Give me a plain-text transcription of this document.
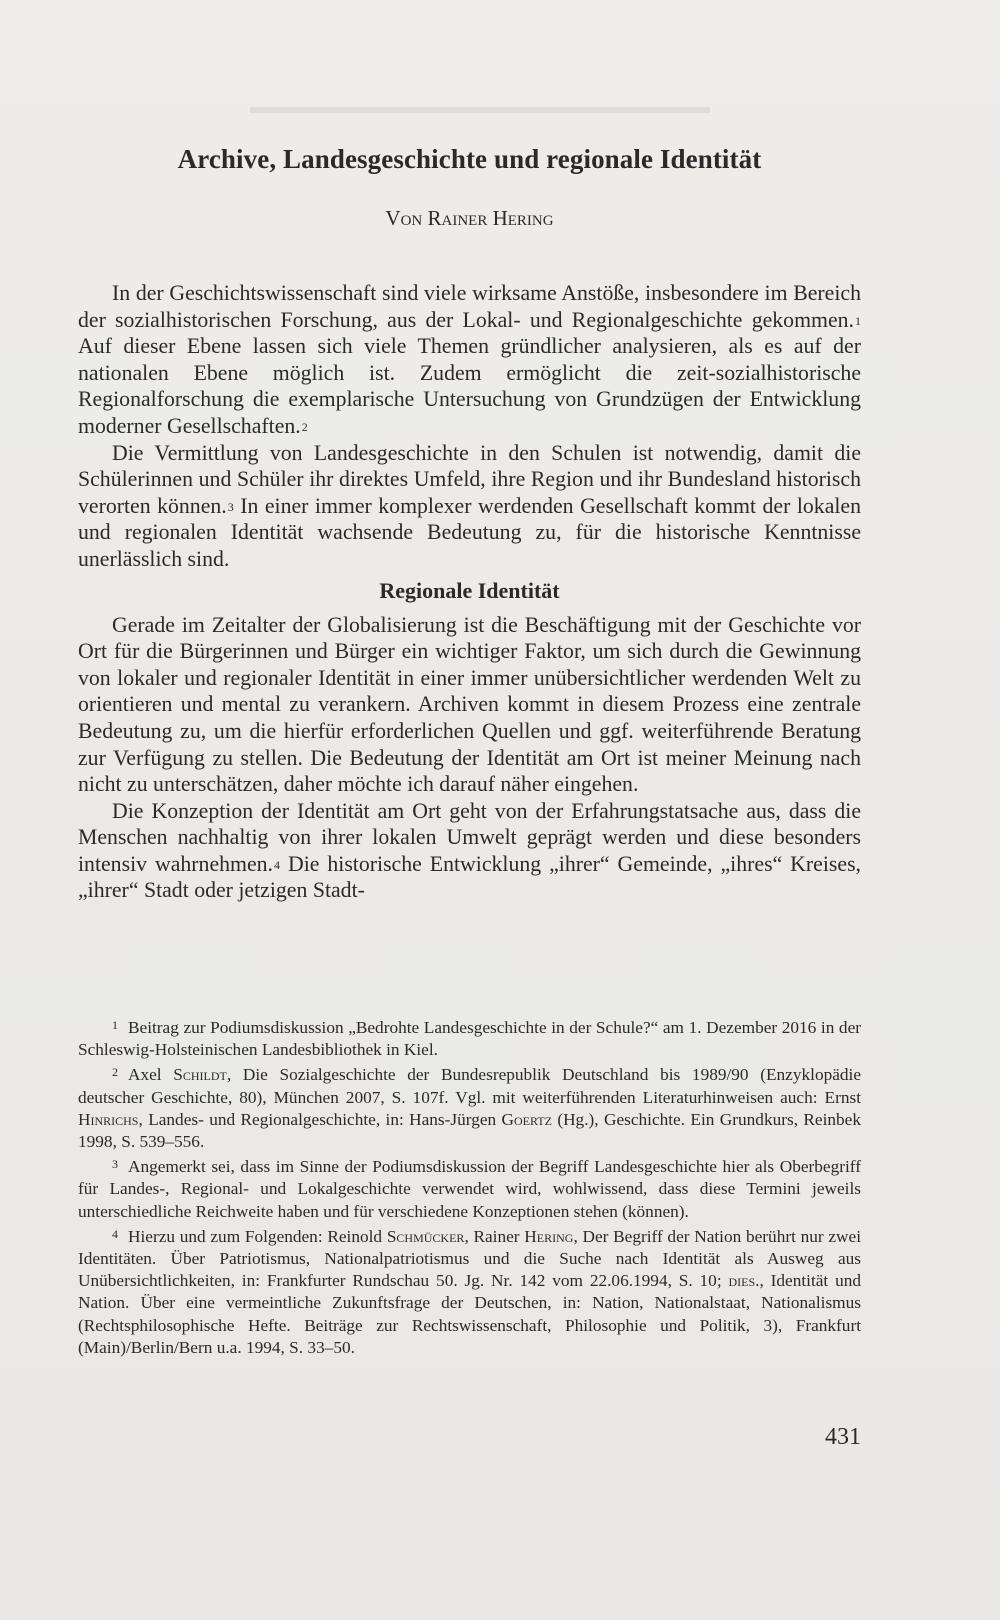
▬▬▬▬▬▬▬▬▬▬▬▬▬▬▬▬▬▬▬▬▬▬▬
Archive, Landesgeschichte und regionale Identität
Von Rainer Hering

In der Geschichtswissenschaft sind viele wirksame Anstöße, insbesondere im Bereich der sozialhistorischen Forschung, aus der Lokal- und Regionalgeschichte gekommen.$^1$ Auf dieser Ebene lassen sich viele Themen gründlicher analysieren, als es auf der nationalen Ebene möglich ist. Zudem ermöglicht die zeit-sozialhistorische Regionalforschung die exemplarische Untersuchung von Grundzügen der Entwicklung moderner Gesellschaften.$^2$

Die Vermittlung von Landesgeschichte in den Schulen ist notwendig, damit die Schülerinnen und Schüler ihr direktes Umfeld, ihre Region und ihr Bundesland historisch verorten können.$^3$ In einer immer komplexer werdenden Gesellschaft kommt der lokalen und regionalen Identität wachsende Bedeutung zu, für die historische Kenntnisse unerlässlich sind.

Regionale Identität

Gerade im Zeitalter der Globalisierung ist die Beschäftigung mit der Geschichte vor Ort für die Bürgerinnen und Bürger ein wichtiger Faktor, um sich durch die Gewinnung von lokaler und regionaler Identität in einer immer unübersichtlicher werdenden Welt zu orientieren und mental zu verankern. Archiven kommt in diesem Prozess eine zentrale Bedeutung zu, um die hierfür erforderlichen Quellen und ggf. weiterführende Beratung zur Verfügung zu stellen. Die Bedeutung der Identität am Ort ist meiner Meinung nach nicht zu unterschätzen, daher möchte ich darauf näher eingehen.

Die Konzeption der Identität am Ort geht von der Erfahrungstatsache aus, dass die Menschen nachhaltig von ihrer lokalen Umwelt geprägt werden und diese besonders intensiv wahrnehmen.$^4$ Die historische Entwicklung „ihrer“ Gemeinde, „ihres“ Kreises, „ihrer“ Stadt oder jetzigen Stadt-

$^1$ Beitrag zur Podiumsdiskussion „Bedrohte Landesgeschichte in der Schule?“ am 1. Dezember 2016 in der Schleswig-Holsteinischen Landesbibliothek in Kiel.

$^2$ Axel Schildt, Die Sozialgeschichte der Bundesrepublik Deutschland bis 1989/90 (Enzyklopädie deutscher Geschichte, 80), München 2007, S. 107f. Vgl. mit weiterführenden Literaturhinweisen auch: Ernst Hinrichs, Landes- und Regionalgeschichte, in: Hans-Jürgen Goertz (Hg.), Geschichte. Ein Grundkurs, Reinbek 1998, S. 539–556.

$^3$ Angemerkt sei, dass im Sinne der Podiumsdiskussion der Begriff Landesgeschichte hier als Oberbegriff für Landes-, Regional- und Lokalgeschichte verwendet wird, wohlwissend, dass diese Termini jeweils unterschiedliche Reichweite haben und für verschiedene Konzeptionen stehen (können).

$^4$ Hierzu und zum Folgenden: Reinold Schmücker, Rainer Hering, Der Begriff der Nation berührt nur zwei Identitäten. Über Patriotismus, Nationalpatriotismus und die Suche nach Identität als Ausweg aus Unübersichtlichkeiten, in: Frankfurter Rundschau 50. Jg. Nr. 142 vom 22.06.1994, S. 10; dies., Identität und Nation. Über eine vermeintliche Zukunftsfrage der Deutschen, in: Nation, Nationalstaat, Nationalismus (Rechtsphilosophische Hefte. Beiträge zur Rechtswissenschaft, Philosophie und Politik, 3), Frankfurt (Main)/Berlin/Bern u.a. 1994, S. 33–50.

431
